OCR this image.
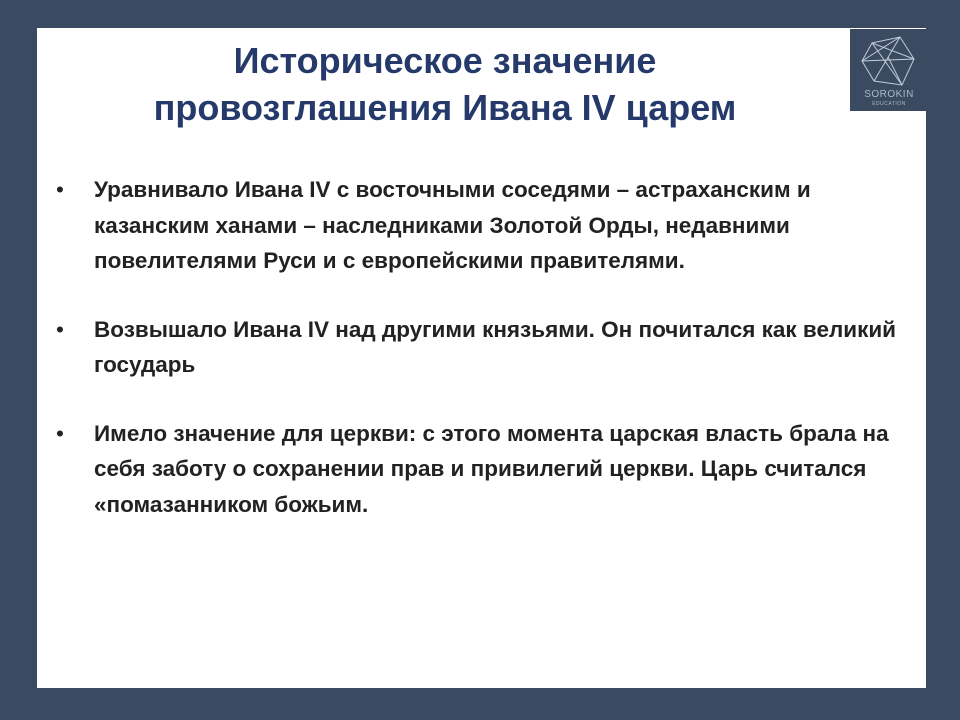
SOROKIN
EDUCATION
Историческое значение
провозглашения Ивана IV царем
• Уравнивало Ивана IV с восточными соседями – астраханским и казанским ханами – наследниками Золотой Орды, недавними повелителями Руси и с европейскими правителями.
• Возвышало Ивана IV над другими князьями. Он почитался как великий государь
• Имело значение для церкви: с этого момента царская власть брала на себя заботу о сохранении прав и привилегий церкви. Царь считался «помазанником божьим.
